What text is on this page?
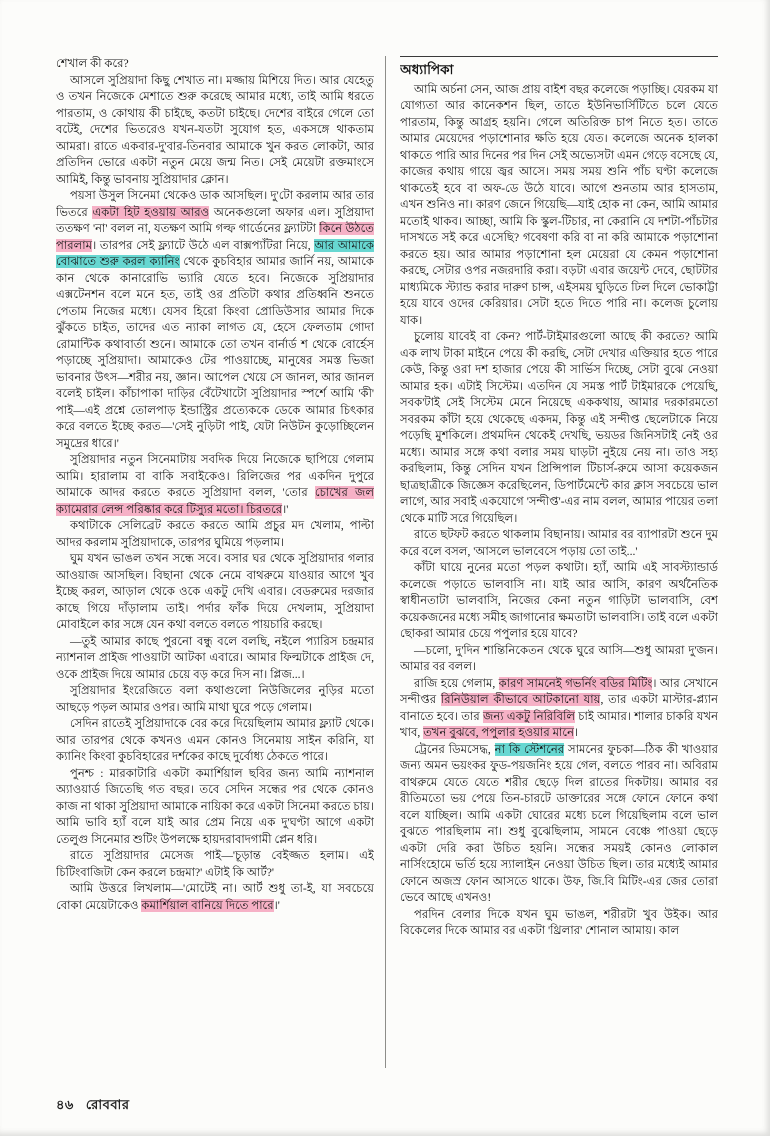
শেখাল কী করে?

আসলে সুপ্রিয়াদা কিছু শেখাত না। মজ্জায় মিশিয়ে দিত। আর যেহেতু ও তখন নিজেকে মেশাতে শুরু করেছে আমার মধ্যে, তাই আমি ধরতে পারতাম, ও কোথায় কী চাইছে, কতটা চাইছে। দেশের বাইরে গেলে তো বটেই, দেশের ভিতরেও যখন-যতটা সুযোগ হত, একসঙ্গে থাকতাম আমরা। রাতে একবার-দু'বার-তিনবার আমাকে খুন করত লোকটা, আর প্রতিদিন ভোরে একটা নতুন মেয়ে জন্ম নিত। সেই মেয়েটা রক্তমাংসে আমিই, কিন্তু ভাবনায় সুপ্রিয়াদার ক্লোন।

পয়সা উসুল সিনেমা থেকেও ডাক আসছিল। দু'টো করলাম আর তার ভিতরে একটা হিট হওয়ায় আরও অনেকগুলো অফার এল। সুপ্রিয়াদা ততক্ষণ 'না' বলল না, যতক্ষণ আমি গল্ফ গার্ডেনের ফ্ল্যাটটা কিনে উঠতে পারলাম। তারপর সেই ফ্ল্যাটে উঠে এল বাক্সপ্যাঁটরা নিয়ে, আর আমাকে বোঝাতে শুরু করল ক্যানিং থেকে কুচবিহার আমার জার্নি নয়, আমাকে কান থেকে কানারোভি ভ্যারি যেতে হবে। নিজেকে সুপ্রিয়াদার এক্সটেনশন বলে মনে হত, তাই ওর প্রতিটা কথার প্রতিধ্বনি শুনতে পেতাম নিজের মধ্যে। যেসব হিরো কিংবা প্রোডিউসার আমার দিকে ঝুঁকতে চাইত, তাদের এত ন্যাকা লাগত যে, হেসে ফেলতাম গোদা রোমান্টিক কথাবার্তা শুনে। আমাকে তো তখন বার্নার্ড শ থেকে বোর্হেস পড়াচ্ছে সুপ্রিয়াদা। আমাকেও টের পাওয়াচ্ছে, মানুষের সমস্ত ভিজা ভাবনার উৎস—শরীর নয়, জ্ঞান। আপেল খেয়ে সে জানল, আর জানল বলেই চাইল। কাঁচাপাকা দাড়ির বেঁটেখাটো সুপ্রিয়াদার স্পর্শে আমি 'কী' পাই—এই প্রশ্নে তোলপাড় ইন্ডাস্ট্রির প্রত্যেককে ডেকে আমার চিৎকার করে বলতে ইচ্ছে করত—'সেই নুড়িটা পাই, যেটা নিউটন কুড়োচ্ছিলেন সমুদ্রের ধারে।'

সুপ্রিয়াদার নতুন সিনেমাটায় সবদিক দিয়ে নিজেকে ছাপিয়ে গেলাম আমি। হারালাম বা বাকি সবাইকেও। রিলিজের পর একদিন দুপুরে আমাকে আদর করতে করতে সুপ্রিয়াদা বলল, 'তোর চোখের জল ক্যামেরার লেন্স পরিষ্কার করে টিস্যুর মতো। চিরতরে।'

কথাটাকে সেলিব্রেট করতে করতে আমি প্রচুর মদ খেলাম, পাল্টা আদর করলাম সুপ্রিয়াদাকে, তারপর ঘুমিয়ে পড়লাম।

ঘুম যখন ভাঙল তখন সন্ধে সবে। বসার ঘর থেকে সুপ্রিয়াদার গলার আওয়াজ আসছিল। বিছানা থেকে নেমে বাথরুমে যাওয়ার আগে খুব ইচ্ছে করল, আড়াল থেকে ওকে একটু দেখি এবার। বেডরুমের দরজার কাছে গিয়ে দাঁড়ালাম তাই। পর্দার ফাঁক দিয়ে দেখলাম, সুপ্রিয়াদা মোবাইলে কার সঙ্গে যেন কথা বলতে বলতে পায়চারি করছে।

—তুই আমার কাছে পুরনো বন্ধু বলে বলছি, নইলে প্যারিস চন্দ্রমার ন্যাশনাল প্রাইজ পাওয়াটা আটকা এবারে। আমার ফিল্মটাকে প্রাইজ দে, ওকে প্রাইজ দিয়ে আমার চেয়ে বড় করে দিস না। প্লিজ...।

সুপ্রিয়াদার ইংরেজিতে বলা কথাগুলো নিউজিলের নুড়ির মতো আছড়ে পড়ল আমার ওপর। আমি মাথা ঘুরে পড়ে গেলাম।

সেদিন রাতেই সুপ্রিয়াদাকে বের করে দিয়েছিলাম আমার ফ্ল্যাট থেকে। আর তারপর থেকে কখনও এমন কোনও সিনেমায় সাইন করিনি, যা ক্যানিং কিংবা কুচবিহারের দর্শকের কাছে দুর্বোধ্য ঠেকতে পারে।

পুনশ্চ : মারকাটারি একটা কমার্শিয়াল ছবির জন্য আমি ন্যাশনাল অ্যাওয়ার্ড জিতেছি গত বছর। তবে সেদিন সন্ধের পর থেকে কোনও কাজ না থাকা সুপ্রিয়াদা আমাকে নায়িকা করে একটা সিনেমা করতে চায়। আমি ভাবি হ্যাঁ বলে যাই আর প্রেম নিয়ে এক দু'ঘণ্টা আগে একটা তেলুগু সিনেমার শুটিং উপলক্ষে হায়দরাবাদগামী প্লেন ধরি।

রাতে সুপ্রিয়াদার মেসেজ পাই—'চূড়ান্ত বেইজ্জত হলাম। এই চিটিংবাজিটা কেন করলে চন্দ্রমা?' এটাই কি আর্ট?'

আমি উত্তরে লিখলাম—'মোটেই না। আর্ট শুধু তা-ই, যা সবচেয়ে বোকা মেয়েটাকেও কমার্শিয়াল বানিয়ে দিতে পারে।'

অধ্যাপিকা

আমি অর্চনা সেন, আজ প্রায় বাইশ বছর কলেজে পড়াচ্ছি। যেরকম যা যোগ্যতা আর কানেকশন ছিল, তাতে ইউনিভার্সিটিতে চলে যেতে পারতাম, কিন্তু আগ্রহ হয়নি। গেলে অতিরিক্ত চাপ নিতে হত। তাতে আমার মেয়েদের পড়াশোনার ক্ষতি হয়ে যেত। কলেজে অনেক হালকা থাকতে পারি আর দিনের পর দিন সেই অভ্যেসটা এমন গেড়ে বসেছে যে, কাজের কথায় গায়ে জ্বর আসে। সময় সময় শুনি পাঁচ ঘণ্টা কলেজে থাকতেই হবে বা অফ-ডে উঠে যাবে। আগে শুনতাম আর হাসতাম, এখন শুনিও না। কারণ জেনে গিয়েছি—যাই হোক না কেন, আমি আমার মতোই থাকব। আচ্ছা, আমি কি স্কুল-টিচার, না কেরানি যে দশটা-পাঁচটার দাসখতে সই করে এসেছি? গবেষণা করি বা না করি আমাকে পড়াশোনা করতে হয়। আর আমার পড়াশোনা হল মেয়েরা যে কেমন পড়াশোনা করছে, সেটার ওপর নজরদারি করা। বড়টা এবার জয়েন্ট দেবে, ছোটটার মাধ্যমিকে স্ট্যান্ড করার দারুণ চান্স, এইসময় ঘুড়িতে ঢিল দিলে ভোকাট্টা হয়ে যাবে ওদের কেরিয়ার। সেটা হতে দিতে পারি না। কলেজ চুলোয় যাক।

চুলোয় যাবেই বা কেন? পার্ট-টাইমারগুলো আছে কী করতে? আমি এক লাখ টাকা মাইনে পেয়ে কী করছি, সেটা দেখার এক্তিয়ার হতে পারে কেউ, কিন্তু ওরা দশ হাজার পেয়ে কী সার্ভিস দিচ্ছে, সেটা বুঝে নেওয়া আমার হক। এটাই সিস্টেম। এতদিন যে সমস্ত পার্ট টাইমারকে পেয়েছি, সবক'টাই সেই সিস্টেম মেনে নিয়েছে এককথায়, আমার দরকারমতো সবরকম কাঁটা হয়ে থেকেছে একদম, কিন্তু এই সন্দীপ্ত ছেলেটাকে নিয়ে পড়েছি মুশকিলে। প্রথমদিন থেকেই দেখছি, ভয়ডর জিনিসটাই নেই ওর মধ্যে। আমার সঙ্গে কথা বলার সময় ঘাড়টা নুইয়ে নেয় না। তাও সহ্য করছিলাম, কিন্তু সেদিন যখন প্রিন্সিপাল টিচার্স-রুমে আসা কয়েকজন ছাত্রছাত্রীকে জিজ্ঞেস করেছিলেন, ডিপার্টমেন্টে কার ক্লাস সবচেয়ে ভাল লাগে, আর সবাই একযোগে 'সন্দীপ্ত'-এর নাম বলল, আমার পায়ের তলা থেকে মাটি সরে গিয়েছিল।

রাতে ছটফট করতে থাকলাম বিছানায়। আমার বর ব্যাপারটা শুনে দুম করে বলে বসল, 'আসলে ভালবেসে পড়ায় তো তাই...'

কাঁটা ঘায়ে নুনের মতো পড়ল কথাটা। হ্যাঁ, আমি এই সাবস্ট্যান্ডার্ড কলেজে পড়াতে ভালবাসি না। যাই আর আসি, কারণ অর্থনৈতিক স্বাধীনতাটা ভালবাসি, নিজের কেনা নতুন গাড়িটা ভালবাসি, বেশ কয়েকজনের মধ্যে সমীহ জাগানোর ক্ষমতাটা ভালবাসি। তাই বলে একটা ছোকরা আমার চেয়ে পপুলার হয়ে যাবে?

—চলো, দু'দিন শান্তিনিকেতন থেকে ঘুরে আসি—শুধু আমরা দু'জন। আমার বর বলল।

রাজি হয়ে গেলাম, কারণ সামনেই গভর্নিং বডির মিটিং। আর সেখানে সন্দীপ্তর রিনিউয়াল কীভাবে আটকানো যায়, তার একটা মাস্টার-প্ল্যান বানাতে হবে। তার জন্য একটু নিরিবিলি চাই আমার। শালার চাকরি যখন খাব, তখন বুঝবে, পপুলার হওয়ার মানে।

ট্রেনের ডিমসেদ্ধ, না কি স্টেশনের সামনের ফুচকা—ঠিক কী খাওয়ার জন্য অমন ভয়ংকর ফুড-পয়জনিং হয়ে গেল, বলতে পারব না। অবিরাম বাথরুমে যেতে যেতে শরীর ছেড়ে দিল রাতের দিকটায়। আমার বর রীতিমতো ভয় পেয়ে তিন-চারটে ডাক্তারের সঙ্গে ফোনে ফোনে কথা বলে যাচ্ছিল। আমি একটা ঘোরের মধ্যে চলে গিয়েছিলাম বলে ভাল বুঝতে পারছিলাম না। শুধু বুঝেছিলাম, সামনে বেঞ্চে পাওয়া ছেড়ে একটা দেরি করা উচিত হয়নি। সন্ধের সময়ই কোনও লোকাল নার্সিংহোমে ভর্তি হয়ে স্যালাইন নেওয়া উচিত ছিল। তার মধ্যেই আমার ফোনে অজস্র ফোন আসতে থাকে। উফ, জি.বি মিটিং-এর জের তোরা ভেবে আছে এখনও!

পরদিন বেলার দিকে যখন ঘুম ভাঙল, শরীরটা খুব উইক। আর বিকেলের দিকে আমার বর একটা 'থ্রিলার' শোনাল আমায়। কাল

৪৬ রোববার
